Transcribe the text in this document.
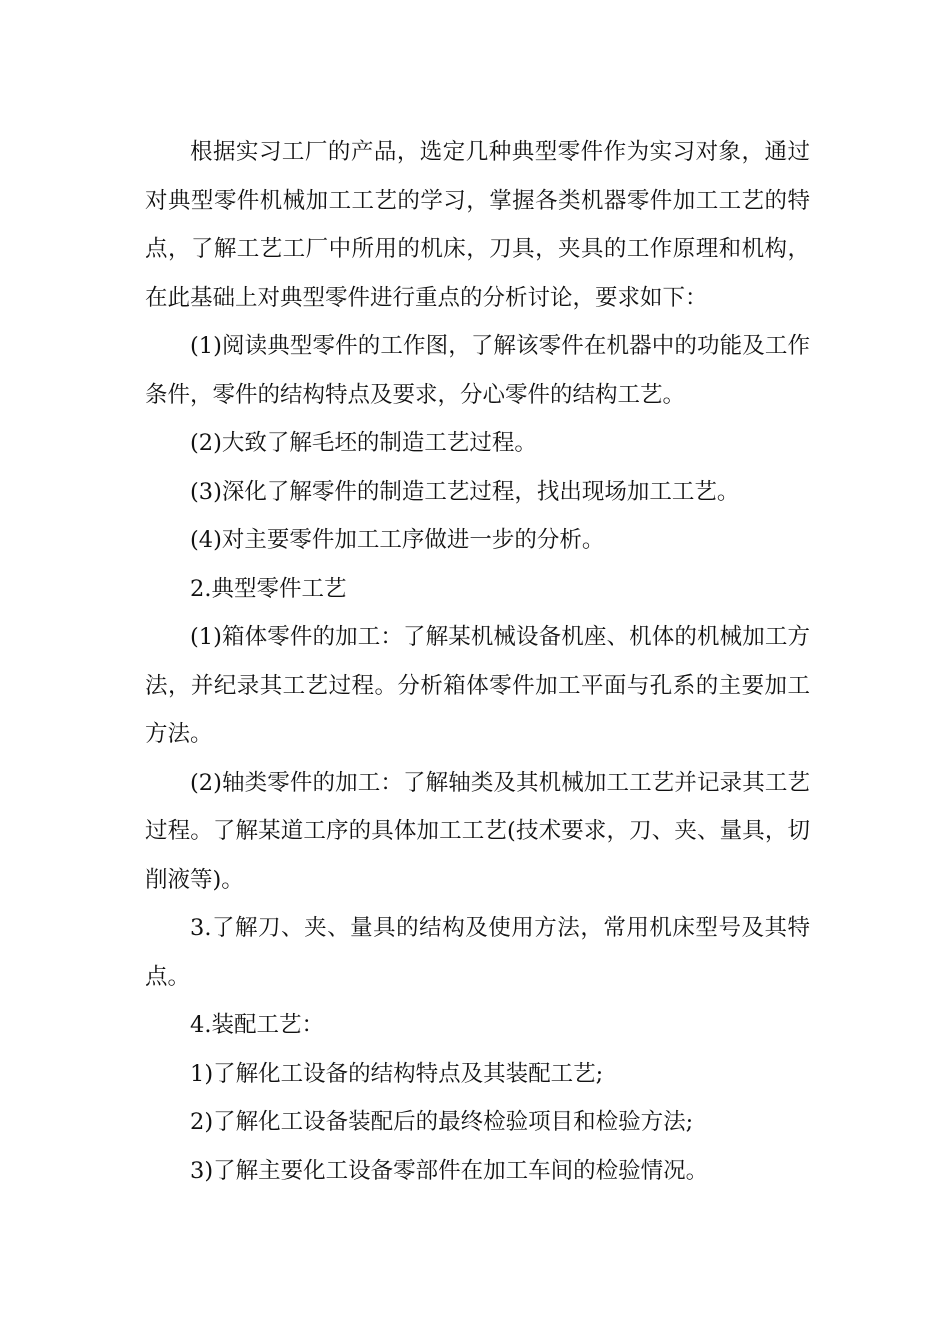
根据实习工厂的产品，选定几种典型零件作为实习对象，通过对典型零件机械加工工艺的学习，掌握各类机器零件加工工艺的特点，了解工艺工厂中所用的机床，刀具，夹具的工作原理和机构，在此基础上对典型零件进行重点的分析讨论，要求如下：

(1)阅读典型零件的工作图，了解该零件在机器中的功能及工作条件，零件的结构特点及要求，分心零件的结构工艺。

(2)大致了解毛坯的制造工艺过程。

(3)深化了解零件的制造工艺过程，找出现场加工工艺。

(4)对主要零件加工工序做进一步的分析。

2.典型零件工艺

(1)箱体零件的加工：了解某机械设备机座、机体的机械加工方法，并纪录其工艺过程。分析箱体零件加工平面与孔系的主要加工方法。

(2)轴类零件的加工：了解轴类及其机械加工工艺并记录其工艺过程。了解某道工序的具体加工工艺(技术要求，刀、夹、量具，切削液等)。

3.了解刀、夹、量具的结构及使用方法，常用机床型号及其特点。

4.装配工艺：

1)了解化工设备的结构特点及其装配工艺;

2)了解化工设备装配后的最终检验项目和检验方法;

3)了解主要化工设备零部件在加工车间的检验情况。
